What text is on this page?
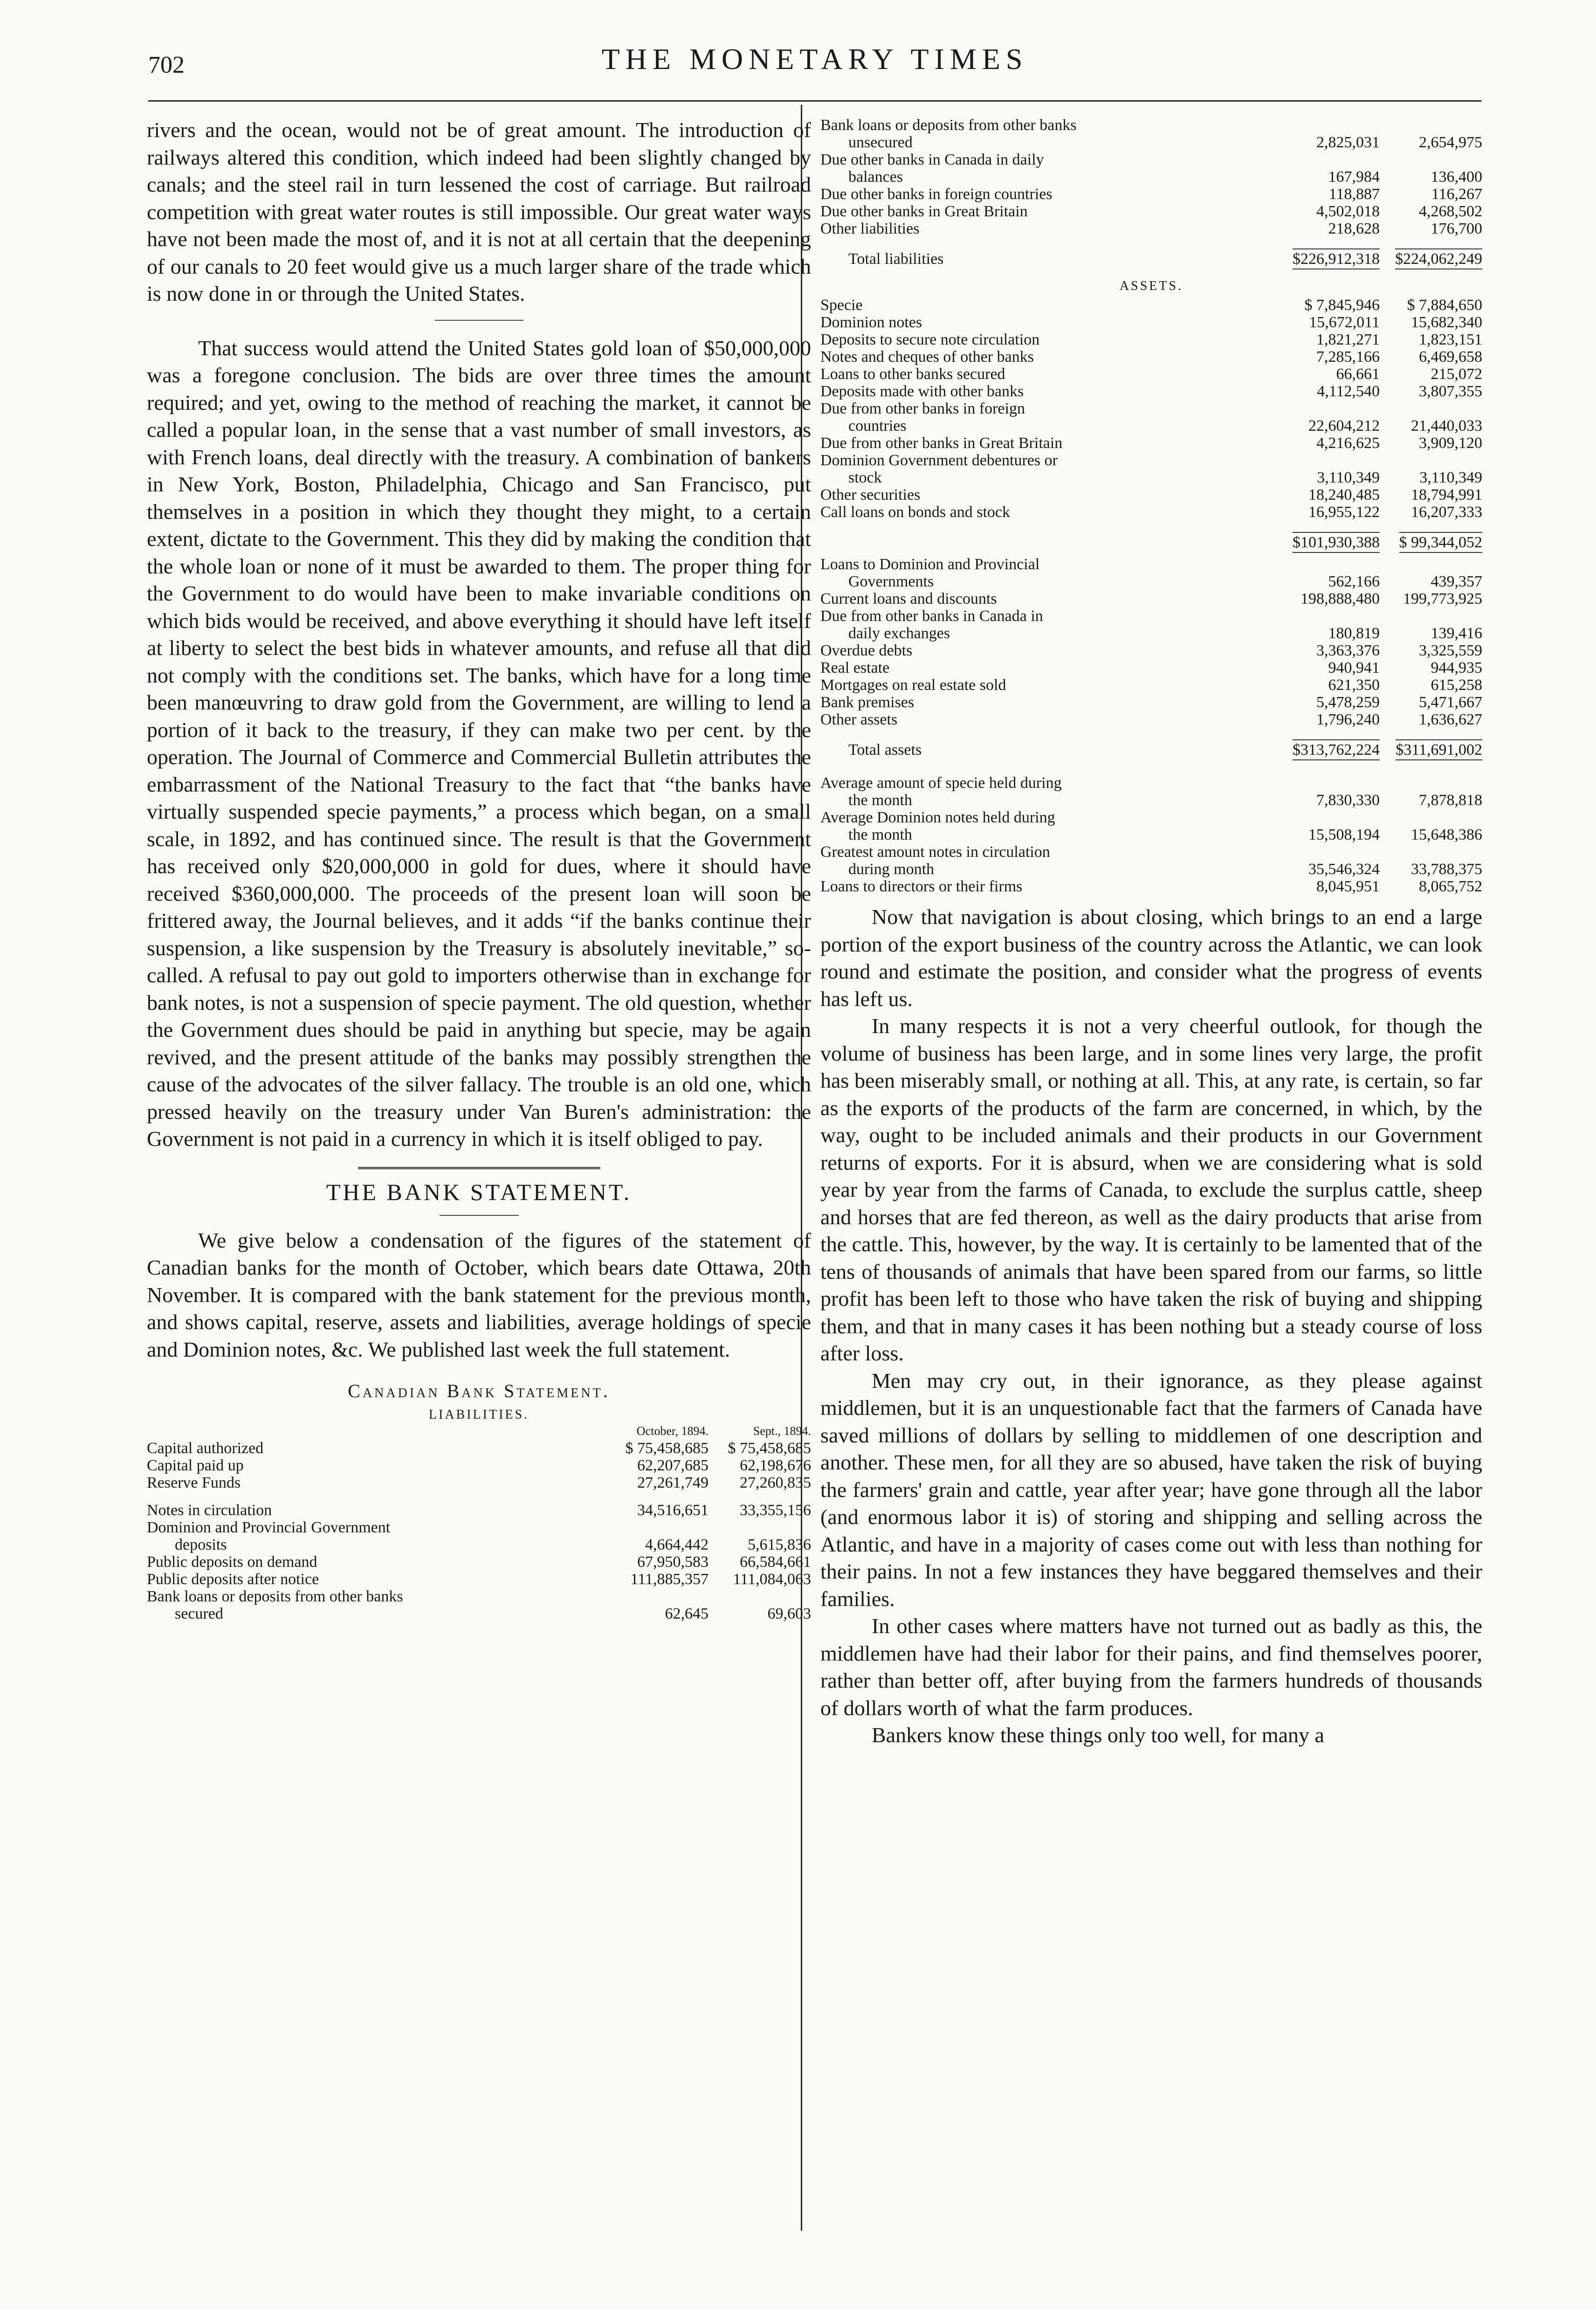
702	THE MONETARY TIMES

rivers and the ocean, would not be of great amount. The introduction of railways altered this condition, which indeed had been slightly changed by canals; and the steel rail in turn lessened the cost of carriage. But railroad competition with great water routes is still impossible. Our great water ways have not been made the most of, and it is not at all certain that the deepening of our canals to 20 feet would give us a much larger share of the trade which is now done in or through the United States.

That success would attend the United States gold loan of $50,000,000 was a foregone conclusion. The bids are over three times the amount required; and yet, owing to the method of reaching the market, it cannot be called a popular loan, in the sense that a vast number of small investors, as with French loans, deal directly with the treasury. A combination of bankers in New York, Boston, Philadelphia, Chicago and San Francisco, put themselves in a position in which they thought they might, to a certain extent, dictate to the Government. This they did by making the condition that the whole loan or none of it must be awarded to them. The proper thing for the Government to do would have been to make invariable conditions on which bids would be received, and above everything it should have left itself at liberty to select the best bids in whatever amounts, and refuse all that did not comply with the conditions set. The banks, which have for a long time been manœuvring to draw gold from the Government, are willing to lend a portion of it back to the treasury, if they can make two per cent. by the operation. The Journal of Commerce and Commercial Bulletin attributes the embarrassment of the National Treasury to the fact that “the banks have virtually suspended specie payments,” a process which began, on a small scale, in 1892, and has continued since. The result is that the Government has received only $20,000,000 in gold for dues, where it should have received $360,000,000. The proceeds of the present loan will soon be frittered away, the Journal believes, and it adds “if the banks continue their suspension, a like suspension by the Treasury is absolutely inevitable,” so-called. A refusal to pay out gold to importers otherwise than in exchange for bank notes, is not a suspension of specie payment. The old question, whether the Government dues should be paid in anything but specie, may be again revived, and the present attitude of the banks may possibly strengthen the cause of the advocates of the silver fallacy. The trouble is an old one, which pressed heavily on the treasury under Van Buren's administration: the Government is not paid in a currency in which it is itself obliged to pay.

THE BANK STATEMENT.

We give below a condensation of the figures of the statement of Canadian banks for the month of October, which bears date Ottawa, 20th November. It is compared with the bank statement for the previous month, and shows capital, reserve, assets and liabilities, average holdings of specie and Dominion notes, &c. We published last week the full statement.

Canadian Bank Statement.
LIABILITIES.
	October, 1894.	Sept., 1894.
Capital authorized	$ 75,458,685	$ 75,458,685
Capital paid up	62,207,685	62,198,676
Reserve Funds	27,261,749	27,260,835
Notes in circulation	34,516,651	33,355,156
Dominion and Provincial Government		
deposits	4,664,442	5,615,836
Public deposits on demand	67,950,583	66,584,661
Public deposits after notice	111,885,357	111,084,063
Bank loans or deposits from other banks		
secured	62,645	69,603
Bank loans or deposits from other banks		
unsecured	2,825,031	2,654,975
Due other banks in Canada in daily		
balances	167,984	136,400
Due other banks in foreign countries	118,887	116,267
Due other banks in Great Britain	4,502,018	4,268,502
Other liabilities	218,628	176,700
Total liabilities	$226,912,318	$224,062,249
ASSETS.
Specie	$ 7,845,946	$ 7,884,650
Dominion notes	15,672,011	15,682,340
Deposits to secure note circulation	1,821,271	1,823,151
Notes and cheques of other banks	7,285,166	6,469,658
Loans to other banks secured	66,661	215,072
Deposits made with other banks	4,112,540	3,807,355
Due from other banks in foreign		
countries	22,604,212	21,440,033
Due from other banks in Great Britain	4,216,625	3,909,120
Dominion Government debentures or		
stock	3,110,349	3,110,349
Other securities	18,240,485	18,794,991
Call loans on bonds and stock	16,955,122	16,207,333
	$101,930,388	$ 99,344,052
Loans to Dominion and Provincial		
Governments	562,166	439,357
Current loans and discounts	198,888,480	199,773,925
Due from other banks in Canada in		
daily exchanges	180,819	139,416
Overdue debts	3,363,376	3,325,559
Real estate	940,941	944,935
Mortgages on real estate sold	621,350	615,258
Bank premises	5,478,259	5,471,667
Other assets	1,796,240	1,636,627
Total assets	$313,762,224	$311,691,002
Average amount of specie held during		
the month	7,830,330	7,878,818
Average Dominion notes held during		
the month	15,508,194	15,648,386
Greatest amount notes in circulation		
during month	35,546,324	33,788,375
Loans to directors or their firms	8,045,951	8,065,752

Now that navigation is about closing, which brings to an end a large portion of the export business of the country across the Atlantic, we can look round and estimate the position, and consider what the progress of events has left us.

In many respects it is not a very cheerful outlook, for though the volume of business has been large, and in some lines very large, the profit has been miserably small, or nothing at all. This, at any rate, is certain, so far as the exports of the products of the farm are concerned, in which, by the way, ought to be included animals and their products in our Government returns of exports. For it is absurd, when we are considering what is sold year by year from the farms of Canada, to exclude the surplus cattle, sheep and horses that are fed thereon, as well as the dairy products that arise from the cattle. This, however, by the way. It is certainly to be lamented that of the tens of thousands of animals that have been spared from our farms, so little profit has been left to those who have taken the risk of buying and shipping them, and that in many cases it has been nothing but a steady course of loss after loss.

Men may cry out, in their ignorance, as they please against middlemen, but it is an unquestionable fact that the farmers of Canada have saved millions of dollars by selling to middlemen of one description and another. These men, for all they are so abused, have taken the risk of buying the farmers' grain and cattle, year after year; have gone through all the labor (and enormous labor it is) of storing and shipping and selling across the Atlantic, and have in a majority of cases come out with less than nothing for their pains. In not a few instances they have beggared themselves and their families.

In other cases where matters have not turned out as badly as this, the middlemen have had their labor for their pains, and find themselves poorer, rather than better off, after buying from the farmers hundreds of thousands of dollars worth of what the farm produces.

Bankers know these things only too well, for many a
